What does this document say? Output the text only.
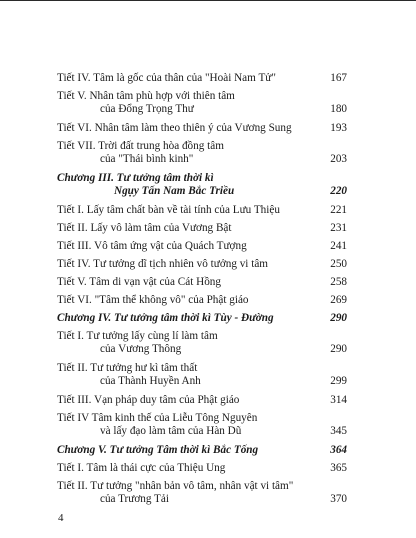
Tiết IV. Tâm là gốc của thân của "Hoài Nam Tử"	167
Tiết V. Nhân tâm phù hợp với thiên tâm
của Đổng Trọng Thư	180
Tiết VI. Nhân tâm làm theo thiên ý của Vương Sung	193
Tiết VII. Trời đất trung hòa đồng tâm
của "Thái bình kinh"	203
Chương III. Tư tưởng tâm thời kì
Ngụy Tấn Nam Bắc Triều	220
Tiết I. Lấy tâm chất bàn về tài tính của Lưu Thiệu	221
Tiết II. Lấy vô làm tâm của Vương Bật	231
Tiết III. Vô tâm ứng vật của Quách Tượng	241
Tiết IV. Tư tưởng dĩ tịch nhiên vô tưởng vi tâm	250
Tiết V. Tâm di vạn vật của Cát Hồng	258
Tiết VI. "Tâm thể không vô" của Phật giáo	269
Chương IV. Tư tưởng tâm thời kì Tùy - Đường	290
Tiết I. Tư tưởng lấy cùng lí làm tâm
của Vương Thông	290
Tiết II. Tư tưởng hư kì tâm thất
của Thành Huyền Anh	299
Tiết III. Vạn pháp duy tâm của Phật giáo	314
Tiết IV Tâm kinh thế của Liễu Tông Nguyên
và lấy đạo làm tâm của Hàn Dũ	345
Chương V. Tư tưởng Tâm thời kì Bắc Tống	364
Tiết I. Tâm là thái cực của Thiệu Ung	365
Tiết II. Tư tưởng "nhân bản vô tâm, nhân vật vi tâm"
của Trương Tải	370
4
